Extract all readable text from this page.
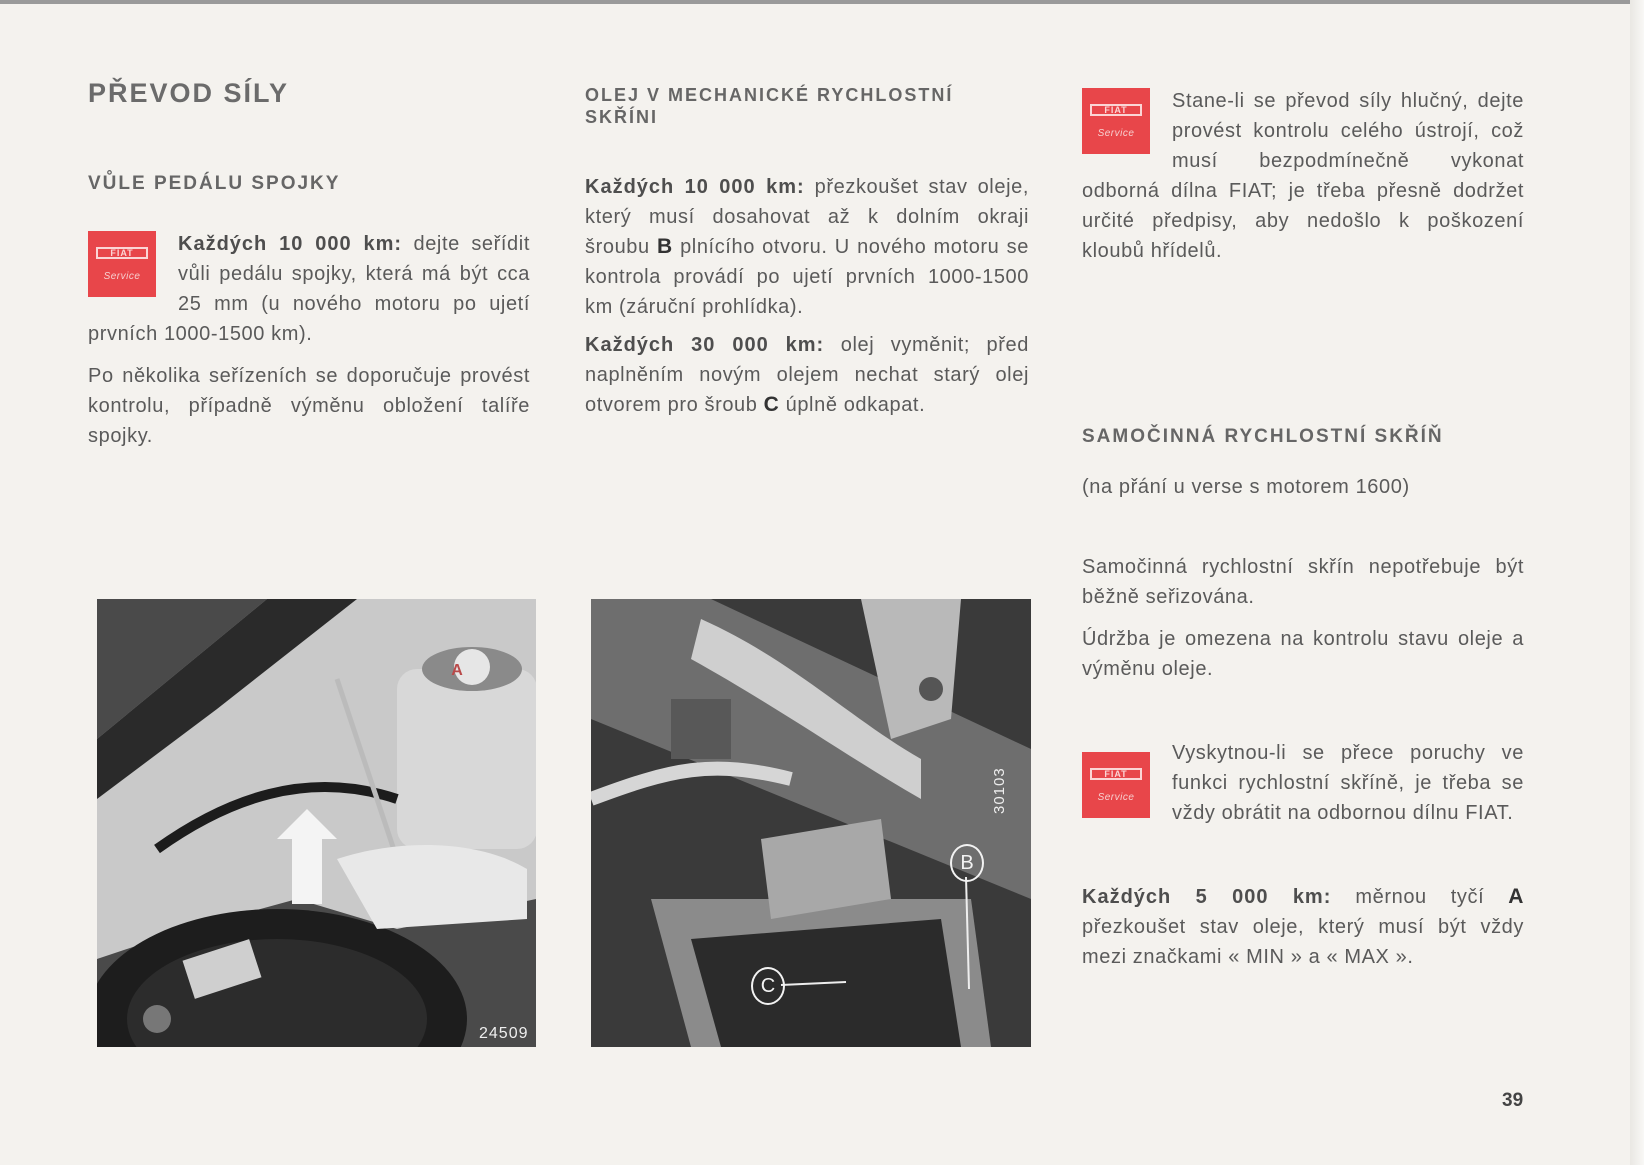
PŘEVOD SÍLY
VŮLE PEDÁLU SPOJKY
FIAT
Service

Každých 10 000 km: dejte seřídit vůli pedálu spojky, která má být cca 25 mm (u nového motoru po ujetí prvních 1000-1500 km).

Po několika seřízeních se doporučuje provést kontrolu, případně výměnu obložení talíře spojky.

A
24509
OLEJ V MECHANICKÉ RYCHLOSTNÍ SKŘÍNI

Každých 10 000 km: přezkoušet stav oleje, který musí dosahovat až k dolním okraji šroubu B plnícího otvoru. U nového motoru se kontrola provádí po ujetí prvních 1000-1500 km (záruční prohlídka).

Každých 30 000 km: olej vyměnit; před naplněním novým olejem nechat starý olej otvorem pro šroub C úplně odkapat.

B
C
30103
FIAT
Service

Stane-li se převod síly hlučný, dejte provést kontrolu celého ústrojí, což musí bezpodmínečně vykonat odborná dílna FIAT; je třeba přesně dodržet určité předpisy, aby nedošlo k poškození kloubů hřídelů.

SAMOČINNÁ RYCHLOSTNÍ SKŘÍŇ

(na přání u verse s motorem 1600)

Samočinná rychlostní skřín nepotřebuje být běžně seřizována.

Údržba je omezena na kontrolu stavu oleje a výměnu oleje.

FIAT
Service

Vyskytnou-li se přece poruchy ve funkci rychlostní skříně, je třeba se vždy obrátit na odbornou dílnu FIAT.

Každých 5 000 km: měrnou tyčí A přezkoušet stav oleje, který musí být vždy mezi značkami « MIN » a « MAX ».

39
